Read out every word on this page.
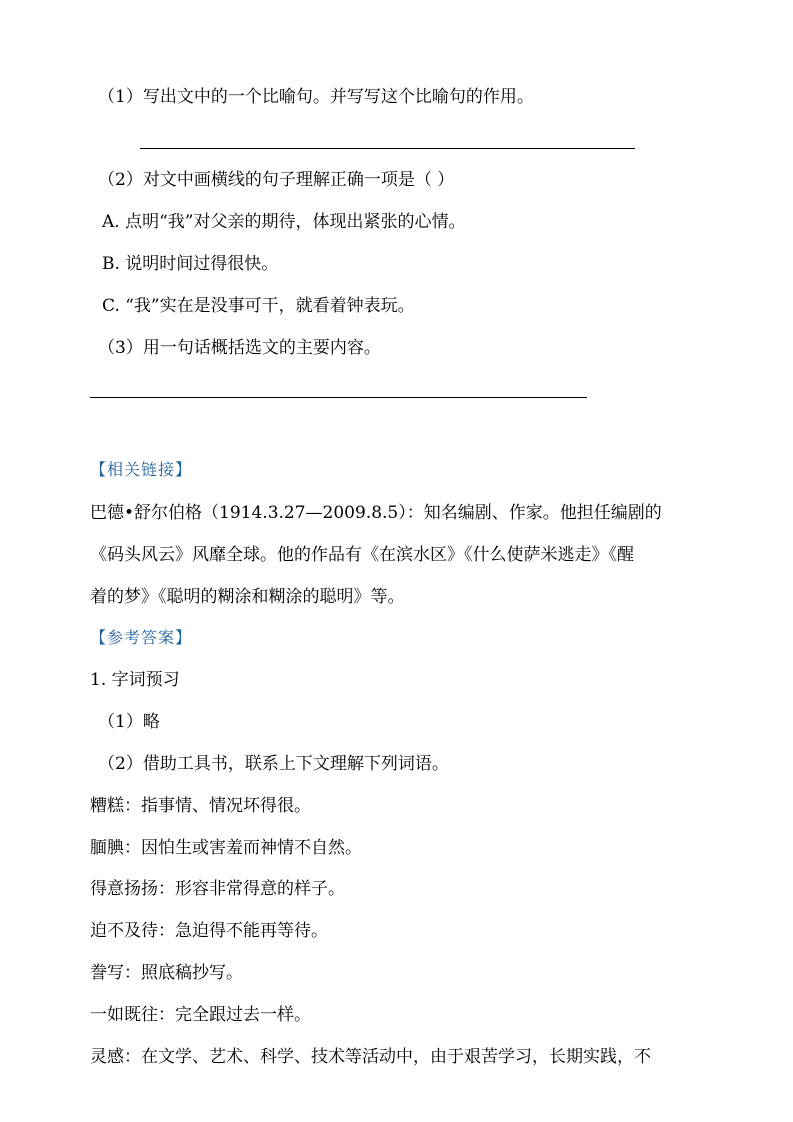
（1）写出文中的一个比喻句。并写写这个比喻句的作用。
（2）对文中画横线的句子理解正确一项是（ ）
A. 点明“我”对父亲的期待，体现出紧张的心情。
B. 说明时间过得很快。
C. “我”实在是没事可干，就看着钟表玩。
（3）用一句话概括选文的主要内容。
【相关链接】
巴德•舒尔伯格（1914.3.27—2009.8.5）：知名编剧、作家。他担任编剧的
《码头风云》风靡全球。他的作品有《在滨水区》《什么使萨米逃走》《醒
着的梦》《聪明的糊涂和糊涂的聪明》等。
【参考答案】
1. 字词预习
（1）略
（2）借助工具书，联系上下文理解下列词语。
糟糕：指事情、情况坏得很。
腼腆：因怕生或害羞而神情不自然。
得意扬扬：形容非常得意的样子。
迫不及待：急迫得不能再等待。
誊写：照底稿抄写。
一如既往：完全跟过去一样。
灵感：在文学、艺术、科学、技术等活动中，由于艰苦学习，长期实践，不
